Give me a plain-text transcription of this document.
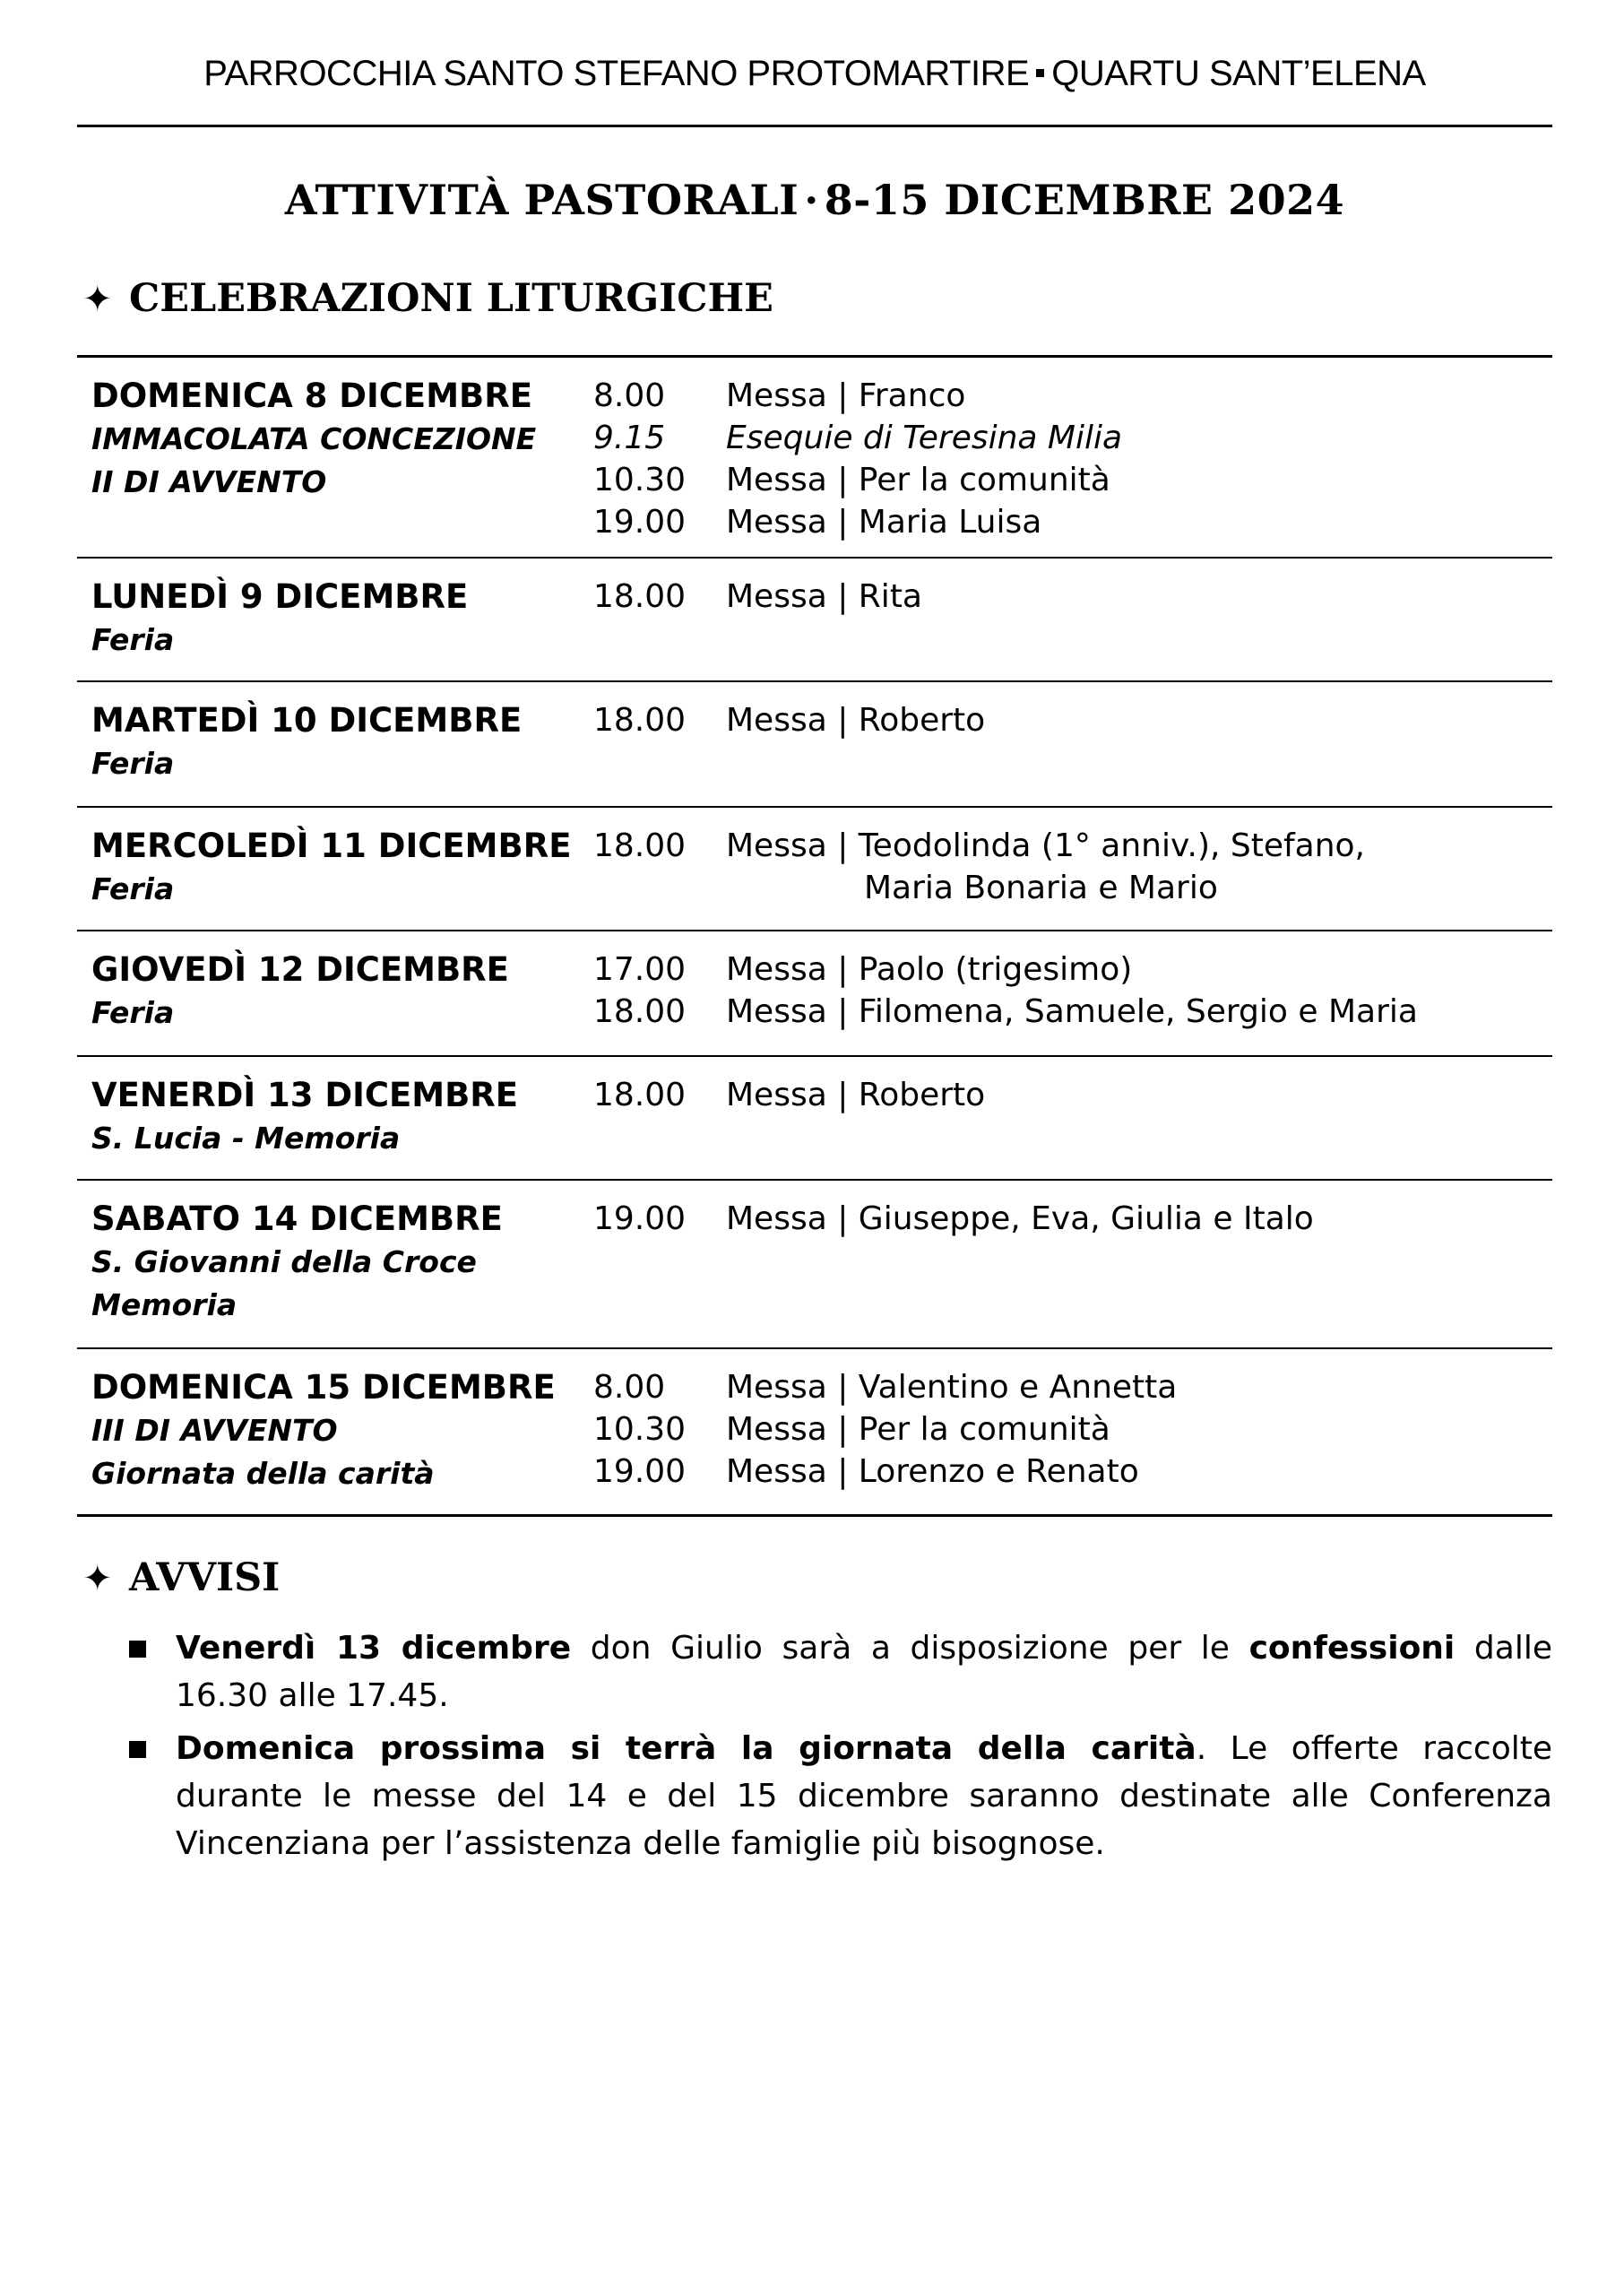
PARROCCHIA SANTO STEFANO PROTOMARTIRE QUARTU SANT’ELENA
ATTIVITÀ PASTORALI · 8-15 DICEMBRE 2024
✦ CELEBRAZIONI LITURGICHE
DOMENICA 8 DICEMBRE
IMMACOLATA CONCEZIONE
II DI AVVENTO
8.00 Messa | Franco
9.15 Esequie di Teresina Milia
10.30 Messa | Per la comunità
19.00 Messa | Maria Luisa
LUNEDÌ 9 DICEMBRE
Feria
18.00 Messa | Rita
MARTEDÌ 10 DICEMBRE
Feria
18.00 Messa | Roberto
MERCOLEDÌ 11 DICEMBRE
Feria
18.00 Messa | Teodolinda (1° anniv.), Stefano,
Maria Bonaria e Mario
GIOVEDÌ 12 DICEMBRE
Feria
17.00 Messa | Paolo (trigesimo)
18.00 Messa | Filomena, Samuele, Sergio e Maria
VENERDÌ 13 DICEMBRE
S. Lucia - Memoria
18.00 Messa | Roberto
SABATO 14 DICEMBRE
S. Giovanni della Croce
Memoria
19.00 Messa | Giuseppe, Eva, Giulia e Italo
DOMENICA 15 DICEMBRE
III DI AVVENTO
Giornata della carità
8.00 Messa | Valentino e Annetta
10.30 Messa | Per la comunità
19.00 Messa | Lorenzo e Renato
✦ AVVISI
Venerdì 13 dicembre don Giulio sarà a disposizione per le confessioni dalle 16.30 alle 17.45.
Domenica prossima si terrà la giornata della carità. Le offerte raccolte durante le messe del 14 e del 15 dicembre saranno destinate alle Conferenza Vincenziana per l’assistenza delle famiglie più bisognose.
